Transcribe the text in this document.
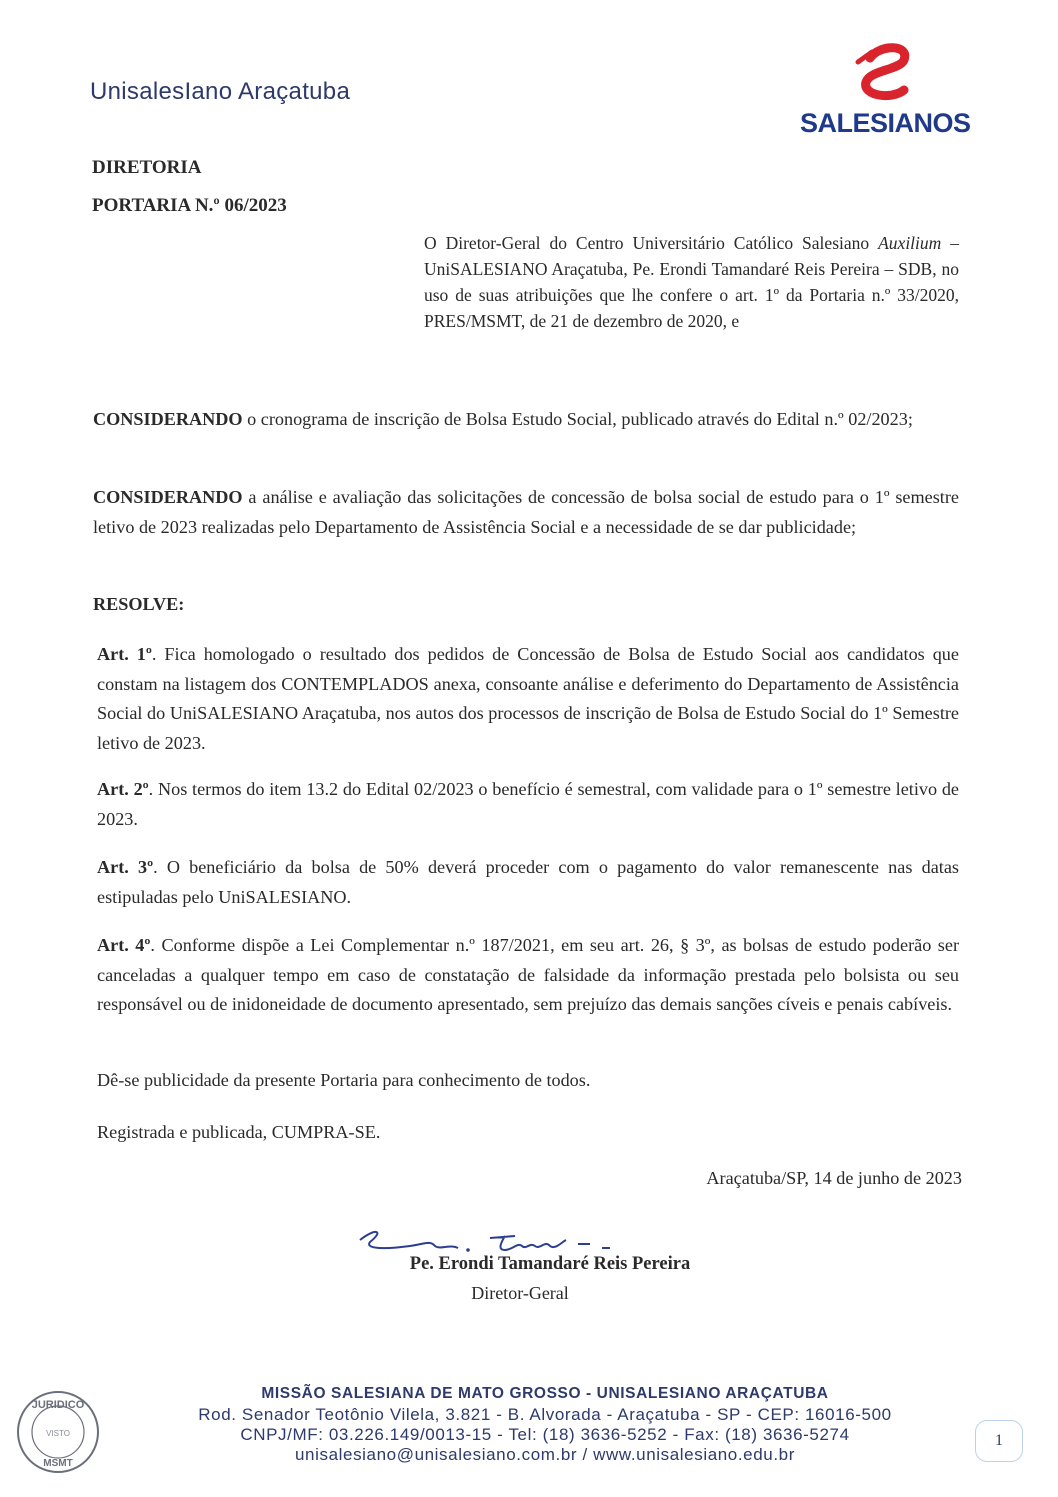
UnisalesIano Araçatuba
SALESIANOS
DIRETORIA
PORTARIA N.º 06/2023
O Diretor-Geral do Centro Universitário Católico Salesiano Auxilium – UniSALESIANO Araçatuba, Pe. Erondi Tamandaré Reis Pereira – SDB, no uso de suas atribuições que lhe confere o art. 1º da Portaria n.º 33/2020, PRES/MSMT, de 21 de dezembro de 2020, e
CONSIDERANDO o cronograma de inscrição de Bolsa Estudo Social, publicado através do Edital n.º 02/2023;
CONSIDERANDO a análise e avaliação das solicitações de concessão de bolsa social de estudo para o 1º semestre letivo de 2023 realizadas pelo Departamento de Assistência Social e a necessidade de se dar publicidade;
RESOLVE:
Art. 1º. Fica homologado o resultado dos pedidos de Concessão de Bolsa de Estudo Social aos candidatos que constam na listagem dos CONTEMPLADOS anexa, consoante análise e deferimento do Departamento de Assistência Social do UniSALESIANO Araçatuba, nos autos dos processos de inscrição de Bolsa de Estudo Social do 1º Semestre letivo de 2023.
Art. 2º. Nos termos do item 13.2 do Edital 02/2023 o benefício é semestral, com validade para o 1º semestre letivo de 2023.
Art. 3º. O beneficiário da bolsa de 50% deverá proceder com o pagamento do valor remanescente nas datas estipuladas pelo UniSALESIANO.
Art. 4º. Conforme dispõe a Lei Complementar n.º 187/2021, em seu art. 26, § 3º, as bolsas de estudo poderão ser canceladas a qualquer tempo em caso de constatação de falsidade da informação prestada pelo bolsista ou seu responsável ou de inidoneidade de documento apresentado, sem prejuízo das demais sanções cíveis e penais cabíveis.
Dê-se publicidade da presente Portaria para conhecimento de todos.
Registrada e publicada, CUMPRA-SE.
Araçatuba/SP, 14 de junho de 2023
Pe. Erondi Tamandaré Reis Pereira
Diretor-Geral
JURIDICO
VISTO
MSMT
MISSÃO SALESIANA DE MATO GROSSO - UNISALESIANO ARAÇATUBA
Rod. Senador Teotônio Vilela, 3.821 - B. Alvorada - Araçatuba - SP - CEP: 16016-500
CNPJ/MF: 03.226.149/0013-15 - Tel: (18) 3636-5252 - Fax: (18) 3636-5274
unisalesiano@unisalesiano.com.br / www.unisalesiano.edu.br
1
